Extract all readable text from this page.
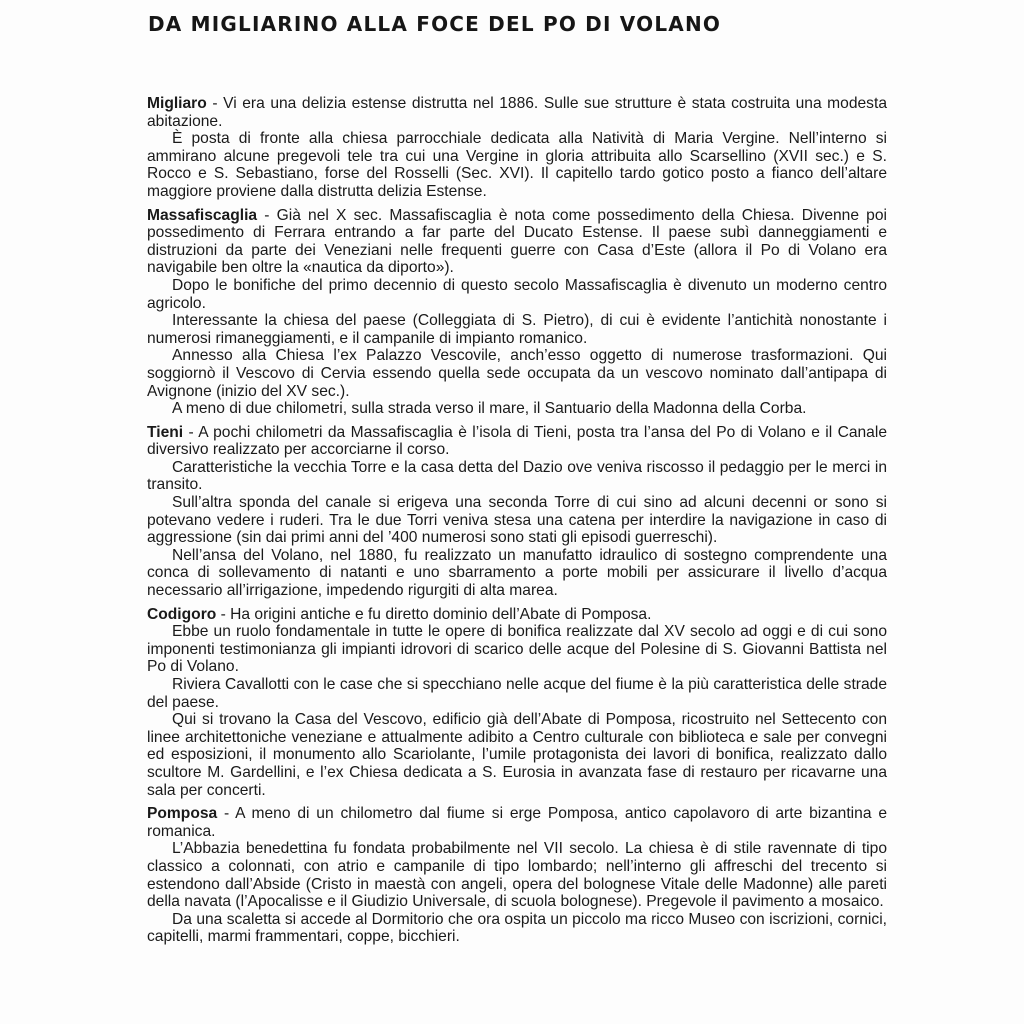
DA MIGLIARINO ALLA FOCE DEL PO DI VOLANO

Migliaro - Vi era una delizia estense distrutta nel 1886. Sulle sue strutture è stata costruita una modesta abitazione.

È posta di fronte alla chiesa parrocchiale dedicata alla Natività di Maria Vergine. Nell’interno si ammirano alcune pregevoli tele tra cui una Vergine in gloria attribuita allo Scarsellino (XVII sec.) e S. Rocco e S. Sebastiano, forse del Rosselli (Sec. XVI). Il capitello tardo gotico posto a fianco dell’altare maggiore proviene dalla distrutta delizia Estense.

Massafiscaglia - Già nel X sec. Massafiscaglia è nota come possedimento della Chiesa. Divenne poi possedimento di Ferrara entrando a far parte del Ducato Estense. Il paese subì danneggiamenti e distruzioni da parte dei Veneziani nelle frequenti guerre con Casa d’Este (allora il Po di Volano era navigabile ben oltre la «nautica da diporto»).

Dopo le bonifiche del primo decennio di questo secolo Massafiscaglia è divenuto un moderno centro agricolo.

Interessante la chiesa del paese (Colleggiata di S. Pietro), di cui è evidente l’antichità nonostante i numerosi rimaneggiamenti, e il campanile di impianto romanico.

Annesso alla Chiesa l’ex Palazzo Vescovile, anch’esso oggetto di numerose trasformazioni. Qui soggiornò il Vescovo di Cervia essendo quella sede occupata da un vescovo nominato dall’antipapa di Avignone (inizio del XV sec.).

A meno di due chilometri, sulla strada verso il mare, il Santuario della Madonna della Corba.

Tieni - A pochi chilometri da Massafiscaglia è l’isola di Tieni, posta tra l’ansa del Po di Volano e il Canale diversivo realizzato per accorciarne il corso.

Caratteristiche la vecchia Torre e la casa detta del Dazio ove veniva riscosso il pedaggio per le merci in transito.

Sull’altra sponda del canale si erigeva una seconda Torre di cui sino ad alcuni decenni or sono si potevano vedere i ruderi. Tra le due Torri veniva stesa una catena per interdire la navigazione in caso di aggressione (sin dai primi anni del ’400 numerosi sono stati gli episodi guerreschi).

Nell’ansa del Volano, nel 1880, fu realizzato un manufatto idraulico di sostegno comprendente una conca di sollevamento di natanti e uno sbarramento a porte mobili per assicurare il livello d’acqua necessario all’irrigazione, impedendo rigurgiti di alta marea.

Codigoro - Ha origini antiche e fu diretto dominio dell’Abate di Pomposa.

Ebbe un ruolo fondamentale in tutte le opere di bonifica realizzate dal XV secolo ad oggi e di cui sono imponenti testimonianza gli impianti idrovori di scarico delle acque del Polesine di S. Giovanni Battista nel Po di Volano.

Riviera Cavallotti con le case che si specchiano nelle acque del fiume è la più caratteristica delle strade del paese.

Qui si trovano la Casa del Vescovo, edificio già dell’Abate di Pomposa, ricostruito nel Settecento con linee architettoniche veneziane e attualmente adibito a Centro culturale con biblioteca e sale per convegni ed esposizioni, il monumento allo Scariolante, l’umile protagonista dei lavori di bonifica, realizzato dallo scultore M. Gardellini, e l’ex Chiesa dedicata a S. Eurosia in avanzata fase di restauro per ricavarne una sala per concerti.

Pomposa - A meno di un chilometro dal fiume si erge Pomposa, antico capolavoro di arte bizantina e romanica.

L’Abbazia benedettina fu fondata probabilmente nel VII secolo. La chiesa è di stile ravennate di tipo classico a colonnati, con atrio e campanile di tipo lombardo; nell’interno gli affreschi del trecento si estendono dall’Abside (Cristo in maestà con angeli, opera del bolognese Vitale delle Madonne) alle pareti della navata (l’Apocalisse e il Giudizio Universale, di scuola bolognese). Pregevole il pavimento a mosaico.

Da una scaletta si accede al Dormitorio che ora ospita un piccolo ma ricco Museo con iscrizioni, cornici, capitelli, marmi frammentari, coppe, bicchieri.
